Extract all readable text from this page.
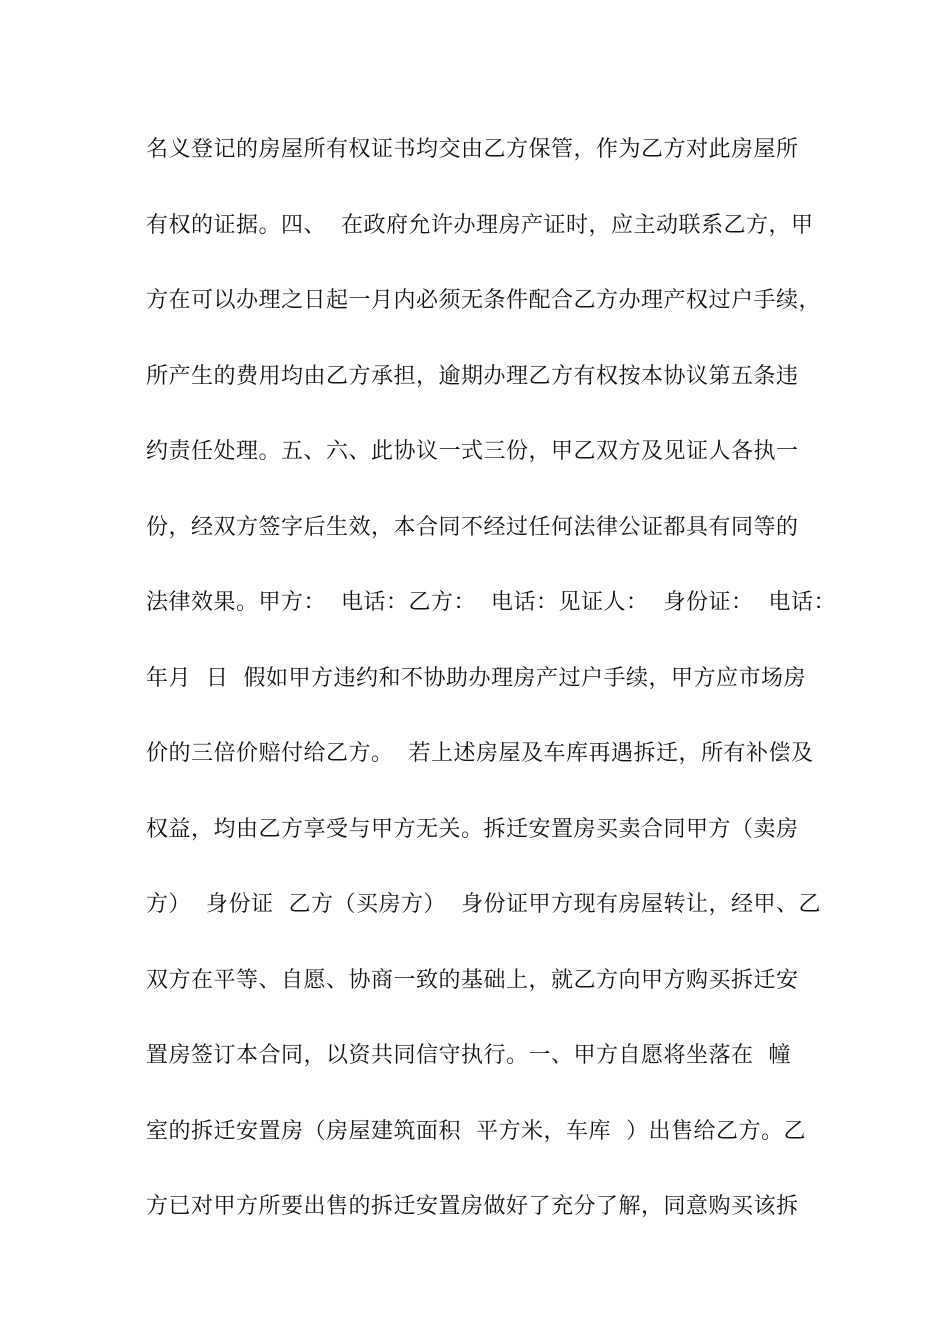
名义登记的房屋所有权证书均交由乙方保管，作为乙方对此房屋所
有权的证据。四、  在政府允许办理房产证时，应主动联系乙方，甲
方在可以办理之日起一月内必须无条件配合乙方办理产权过户手续，
所产生的费用均由乙方承担，逾期办理乙方有权按本协议第五条违
约责任处理。五、六、此协议一式三份，甲乙双方及见证人各执一
份，经双方签字后生效，本合同不经过任何法律公证都具有同等的
法律效果。甲方：  电话：乙方：  电话：见证人：  身份证：  电话：
年月  日  假如甲方违约和不协助办理房产过户手续，甲方应市场房
价的三倍价赔付给乙方。  若上述房屋及车库再遇拆迁，所有补偿及
权益，均由乙方享受与甲方无关。拆迁安置房买卖合同甲方（卖房
方）  身份证  乙方（买房方）  身份证甲方现有房屋转让，经甲、乙
双方在平等、自愿、协商一致的基础上，就乙方向甲方购买拆迁安
置房签订本合同，以资共同信守执行。一、甲方自愿将坐落在  幢
室的拆迁安置房（房屋建筑面积  平方米，车库  ）出售给乙方。乙
方已对甲方所要出售的拆迁安置房做好了充分了解，同意购买该拆
